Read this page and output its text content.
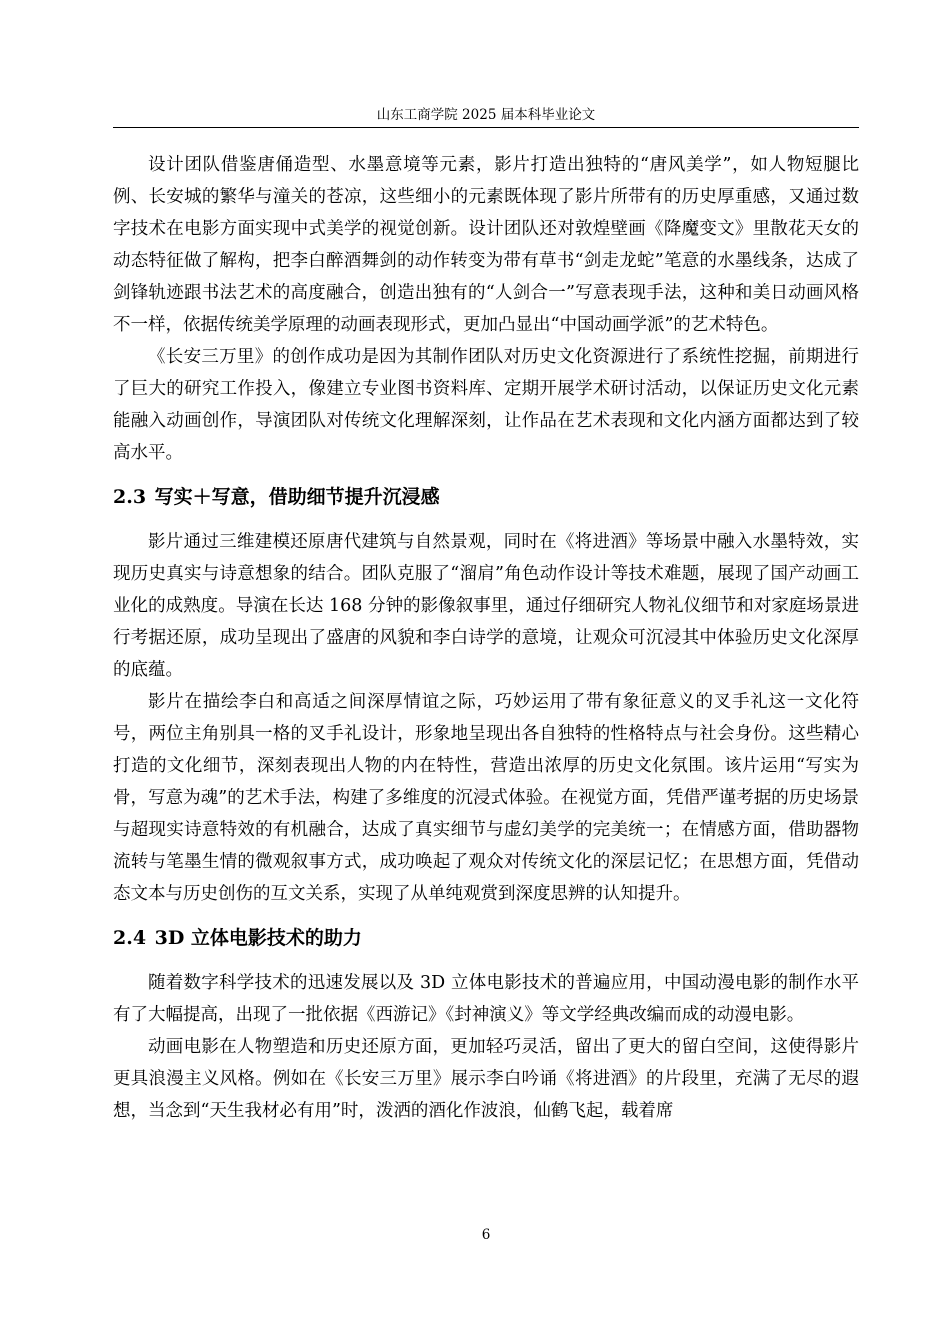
山东工商学院 2025 届本科毕业论文

设计团队借鉴唐俑造型、水墨意境等元素，影片打造出独特的“唐风美学”，如人物短腿比例、长安城的繁华与潼关的苍凉，这些细小的元素既体现了影片所带有的历史厚重感，又通过数字技术在电影方面实现中式美学的视觉创新。设计团队还对敦煌壁画《降魔变文》里散花天女的动态特征做了解构，把李白醉酒舞剑的动作转变为带有草书“剑走龙蛇”笔意的水墨线条，达成了剑锋轨迹跟书法艺术的高度融合，创造出独有的“人剑合一”写意表现手法，这种和美日动画风格不一样，依据传统美学原理的动画表现形式，更加凸显出“中国动画学派”的艺术特色。

《长安三万里》的创作成功是因为其制作团队对历史文化资源进行了系统性挖掘，前期进行了巨大的研究工作投入，像建立专业图书资料库、定期开展学术研讨活动，以保证历史文化元素能融入动画创作，导演团队对传统文化理解深刻，让作品在艺术表现和文化内涵方面都达到了较高水平。

2.3 写实＋写意，借助细节提升沉浸感

影片通过三维建模还原唐代建筑与自然景观，同时在《将进酒》等场景中融入水墨特效，实现历史真实与诗意想象的结合。团队克服了“溜肩”角色动作设计等技术难题，展现了国产动画工业化的成熟度。导演在长达 168 分钟的影像叙事里，通过仔细研究人物礼仪细节和对家庭场景进行考据还原，成功呈现出了盛唐的风貌和李白诗学的意境，让观众可沉浸其中体验历史文化深厚的底蕴。

影片在描绘李白和高适之间深厚情谊之际，巧妙运用了带有象征意义的叉手礼这一文化符号，两位主角别具一格的叉手礼设计，形象地呈现出各自独特的性格特点与社会身份。这些精心打造的文化细节，深刻表现出人物的内在特性，营造出浓厚的历史文化氛围。该片运用“写实为骨，写意为魂”的艺术手法，构建了多维度的沉浸式体验。在视觉方面，凭借严谨考据的历史场景与超现实诗意特效的有机融合，达成了真实细节与虚幻美学的完美统一；在情感方面，借助器物流转与笔墨生情的微观叙事方式，成功唤起了观众对传统文化的深层记忆；在思想方面，凭借动态文本与历史创伤的互文关系，实现了从单纯观赏到深度思辨的认知提升。

2.4 3D 立体电影技术的助力

随着数字科学技术的迅速发展以及 3D 立体电影技术的普遍应用，中国动漫电影的制作水平有了大幅提高，出现了一批依据《西游记》《封神演义》等文学经典改编而成的动漫电影。

动画电影在人物塑造和历史还原方面，更加轻巧灵活，留出了更大的留白空间，这使得影片更具浪漫主义风格。例如在《长安三万里》展示李白吟诵《将进酒》的片段里，充满了无尽的遐想，当念到“天生我材必有用”时，泼洒的酒化作波浪，仙鹤飞起，载着席

6
